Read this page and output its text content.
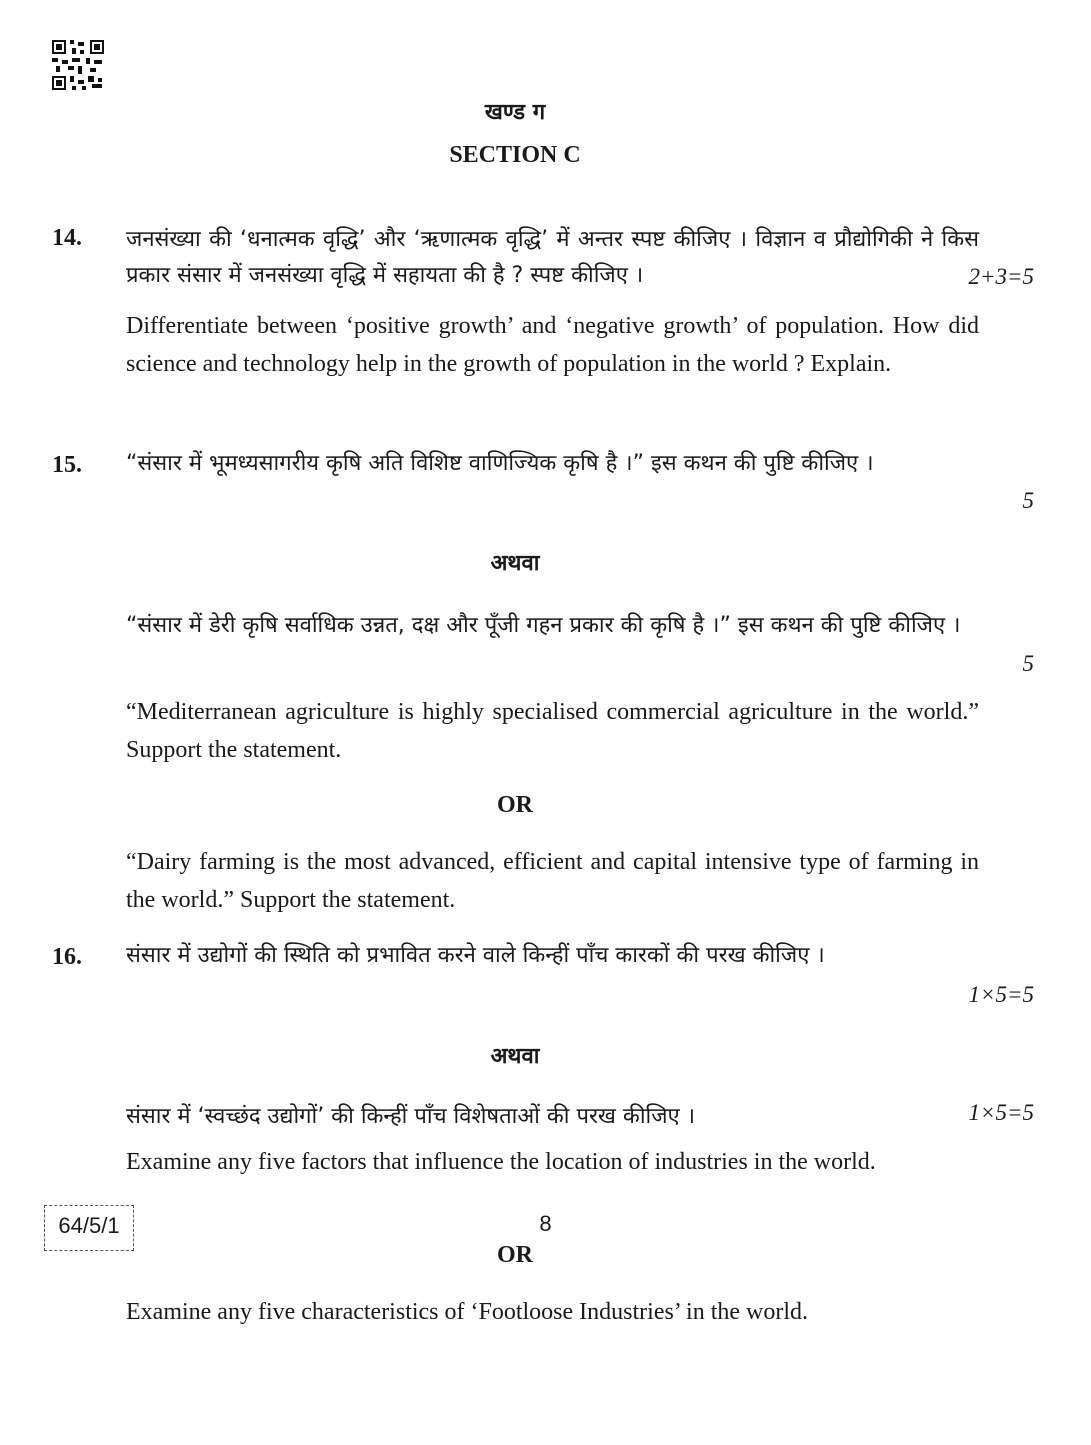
खण्ड ग
SECTION C
14. जनसंख्या की ‘धनात्मक वृद्धि’ और ‘ऋणात्मक वृद्धि’ में अन्तर स्पष्ट कीजिए । विज्ञान व प्रौद्योगिकी ने किस प्रकार संसार में जनसंख्या वृद्धि में सहायता की है ? स्पष्ट कीजिए ।	2+3=5
Differentiate between ‘positive growth’ and ‘negative growth’ of population. How did science and technology help in the growth of population in the world ? Explain.
15. “संसार में भूमध्यसागरीय कृषि अति विशिष्ट वाणिज्यिक कृषि है ।” इस कथन की पुष्टि कीजिए ।
5
अथवा
“संसार में डेरी कृषि सर्वाधिक उन्नत, दक्ष और पूँजी गहन प्रकार की कृषि है ।” इस कथन की पुष्टि कीजिए ।
5
“Mediterranean agriculture is highly specialised commercial agriculture in the world.” Support the statement.
OR
“Dairy farming is the most advanced, efficient and capital intensive type of farming in the world.” Support the statement.
16. संसार में उद्योगों की स्थिति को प्रभावित करने वाले किन्हीं पाँच कारकों की परख कीजिए ।
1×5=5
अथवा
संसार में ‘स्वच्छंद उद्योगों’ की किन्हीं पाँच विशेषताओं की परख कीजिए ।	1×5=5
Examine any five factors that influence the location of industries in the world.
OR
Examine any five characteristics of ‘Footloose Industries’ in the world.
64/5/1	8
